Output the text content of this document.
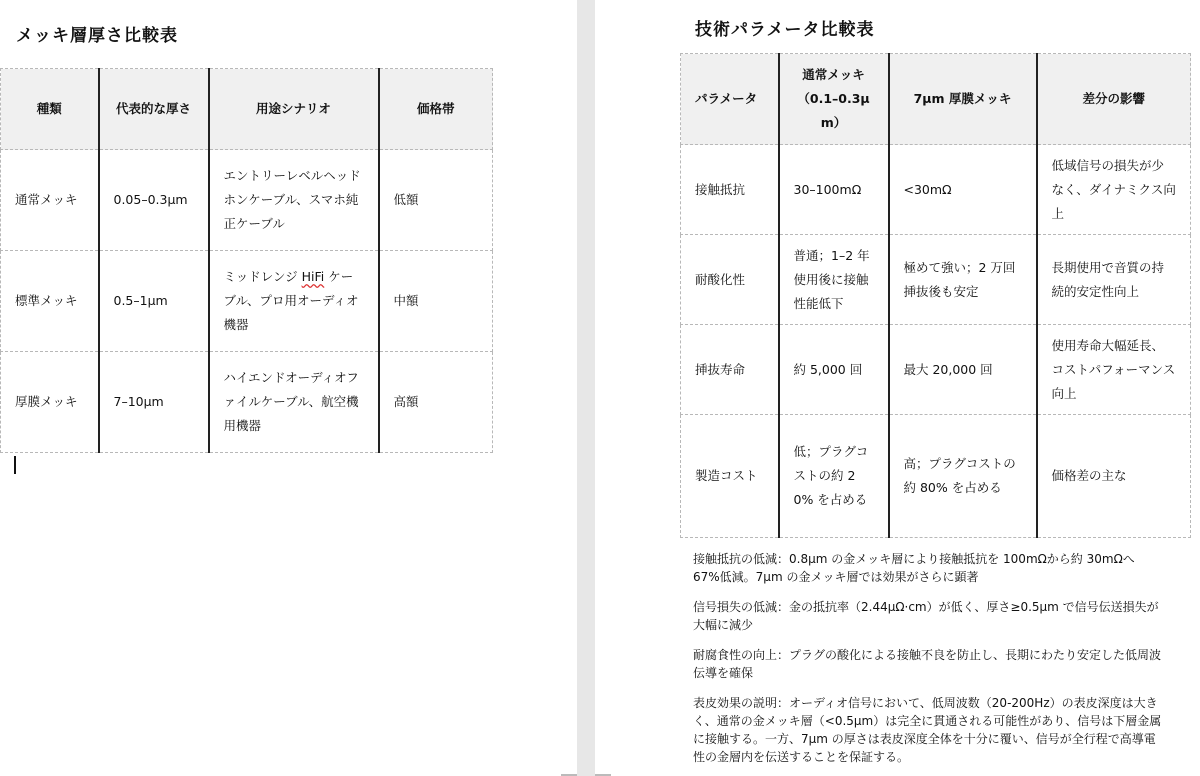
メッキ層厚さ比較表
種類	代表的な厚さ	用途シナリオ	価格帯
通常メッキ	0.05–0.3μm	エントリーレベルヘッドホンケーブル、スマホ純正ケーブル	低額
標準メッキ	0.5–1μm	ミッドレンジ HiFi ケーブル、プロ用オーディオ機器	中額
厚膜メッキ	7–10μm	ハイエンドオーディオファイルケーブル、航空機用機器	高額
技術パラメータ比較表
パラメータ	通常メッキ（0.1–0.3μm）	7μm 厚膜メッキ	差分の影響
接触抵抗	30–100mΩ	<30mΩ	低域信号の損失が少なく、ダイナミクス向上
耐酸化性	普通；1–2 年使用後に接触性能低下	極めて強い；2 万回挿抜後も安定	長期使用で音質の持続的安定性向上
挿抜寿命	約 5,000 回	最大 20,000 回	使用寿命大幅延長、コストパフォーマンス向上
製造コスト	低；プラグコストの約 20% を占める	高；プラグコストの約 80% を占める	価格差の主な

接触抵抗の低減：0.8μm の金メッキ層により接触抵抗を 100mΩから約 30mΩへ 67%低減。7μm の金メッキ層では効果がさらに顕著

信号損失の低減：金の抵抗率（2.44μΩ·cm）が低く、厚さ≥0.5μm で信号伝送損失が大幅に減少

耐腐食性の向上：プラグの酸化による接触不良を防止し、長期にわたり安定した低周波伝導を確保

表皮効果の説明：オーディオ信号において、低周波数（20-200Hz）の表皮深度は大きく、通常の金メッキ層（<0.5μm）は完全に貫通される可能性があり、信号は下層金属に接触する。一方、7μm の厚さは表皮深度全体を十分に覆い、信号が全行程で高導電性の金層内を伝送することを保証する。
